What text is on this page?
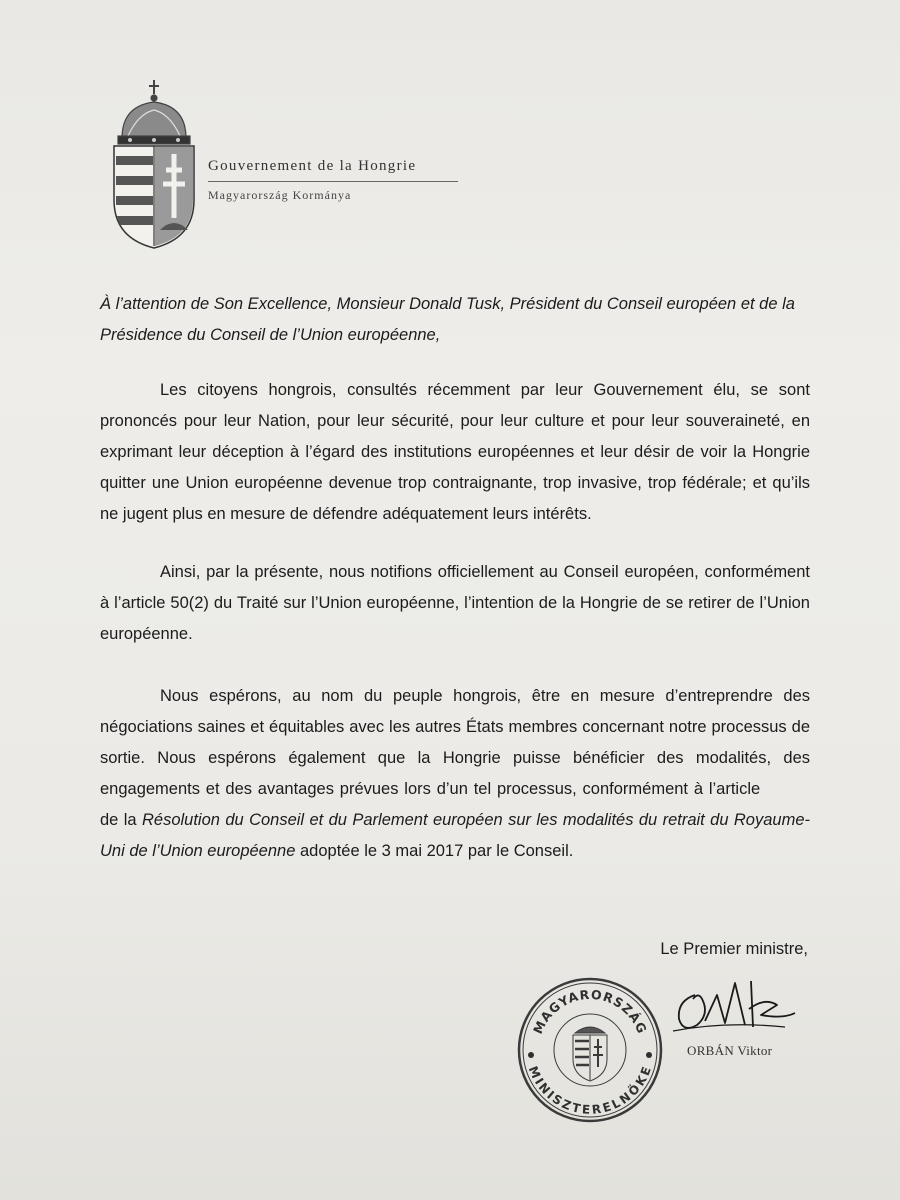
Gouvernement de la Hongrie
Magyarország Kormánya
À l’attention de Son Excellence, Monsieur Donald Tusk, Président du Conseil européen et de la Présidence du Conseil de l’Union européenne,
Les citoyens hongrois, consultés récemment par leur Gouvernement élu, se sont prononcés pour leur Nation, pour leur sécurité, pour leur culture et pour leur souveraineté, en exprimant leur déception à l’égard des institutions européennes et leur désir de voir la Hongrie quitter une Union européenne devenue trop contraignante, trop invasive, trop fédérale; et qu’ils ne jugent plus en mesure de défendre adéquatement leurs intérêts.
Ainsi, par la présente, nous notifions officiellement au Conseil européen, conformément à l’article 50(2) du Traité sur l’Union européenne, l’intention de la Hongrie de se retirer de l’Union européenne.
Nous espérons, au nom du peuple hongrois, être en mesure d’entreprendre des négociations saines et équitables avec les autres États membres concernant notre processus de sortie. Nous espérons également que la Hongrie puisse bénéficier des modalités, des engagements et des avantages prévues lors d’un tel processus, conformément à l’article  de la Résolution du Conseil et du Parlement européen sur les modalités du retrait du Royaume-Uni de l’Union européenne adoptée le 3 mai 2017 par le Conseil.
Le Premier ministre,
MAGYARORSZÁG
MINISZTERELNÖKE
ORBÁN Viktor
